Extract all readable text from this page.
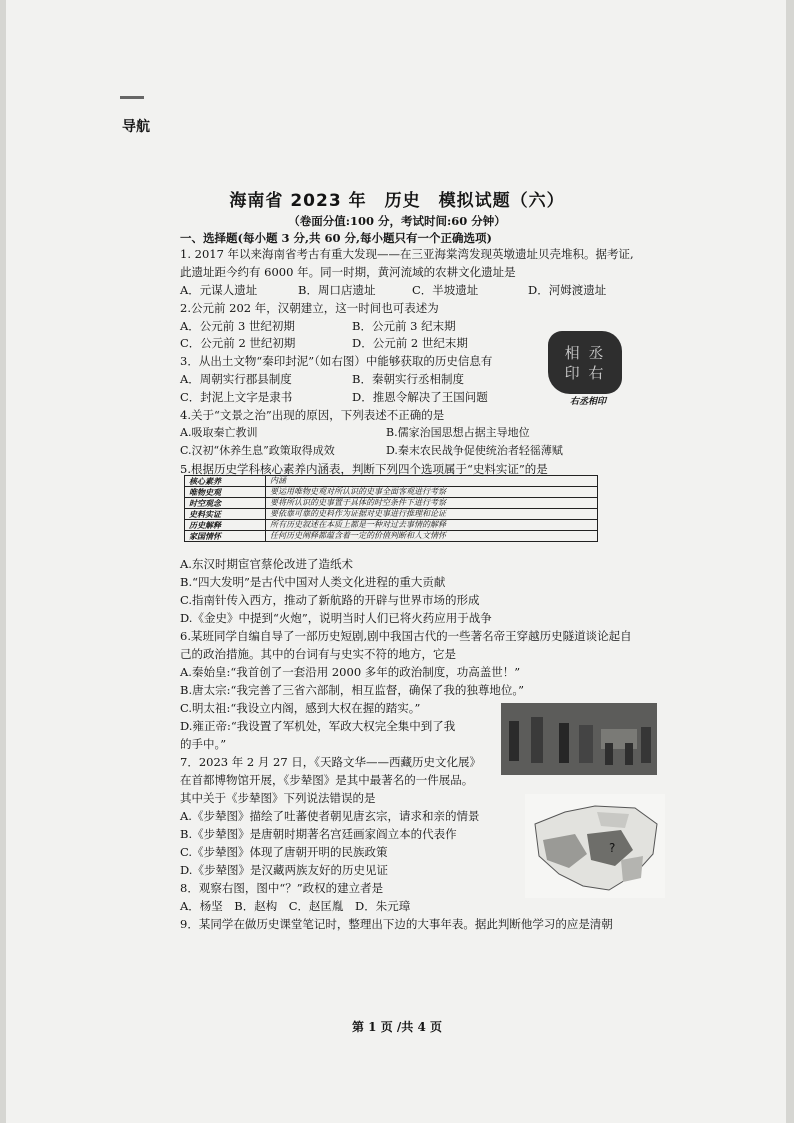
导航
海南省 2023 年　历史　模拟试题（六）
（卷面分值:100 分，考试时间:60 分钟）
一、选择题(每小题 3 分,共 60 分,每小题只有一个正确选项)
1. 2017 年以来海南省考古有重大发现——在三亚海棠湾发现英墩遗址贝壳堆积。据考证,
此遗址距今约有 6000 年。同一时期，黄河流域的农耕文化遗址是
A．元谋人遗址	B．周口店遗址	C．半坡遗址	D．河姆渡遗址
2.公元前 202 年，汉朝建立，这一时间也可表述为
A．公元前 3 世纪初期	B．公元前 3 纪末期
C．公元前 2 世纪初期	D．公元前 2 世纪末期
3．从出土文物“秦印封泥”（如右图）中能够获取的历史信息有
A．周朝实行郡县制度	B．秦朝实行丞相制度
C．封泥上文字是隶书	D．推恩令解决了王国问题
相 丞 印 右
右丞相印
4.关于“文景之治”出现的原因，下列表述不正确的是
A.吸取秦亡教训	B.儒家治国思想占据主导地位
C.汉初“休养生息”政策取得成效	D.秦末农民战争促使统治者轻徭薄赋
5.根据历史学科核心素养内涵表，判断下列四个选项属于“史料实证”的是
核心素养	内涵
唯物史观	要运用唯物史观对所认识的史事全面客观进行考察
时空观念	要将所认识的史事置于具体的时空条件下进行考察
史料实证	要依靠可靠的史料作为证据对史事进行推理和论证
历史解释	所有历史叙述在本质上都是一种对过去事情的解释
家国情怀	任何历史阐释都蕴含着一定的价值判断和人文情怀
A.东汉时期宦官蔡伦改进了造纸术
B.“四大发明”是古代中国对人类文化进程的重大贡献
C.指南针传入西方，推动了新航路的开辟与世界市场的形成
D.《金史》中提到“火炮”，说明当时人们已将火药应用于战争
6.某班同学自编自导了一部历史短剧,剧中我国古代的一些著名帝王穿越历史隧道谈论起自
己的政治措施。其中的台词有与史实不符的地方，它是
A.秦始皇:“我首创了一套沿用 2000 多年的政治制度，功高盖世！”
B.唐太宗:“我完善了三省六部制，相互监督，确保了我的独尊地位。”
C.明太祖:“我设立内阁，感到大权在握的踏实。”
D.雍正帝:“我设置了军机处，军政大权完全集中到了我
的手中。”
7．2023 年 2 月 27 日，《天路文华——西藏历史文化展》
在首都博物馆开展，《步辇图》是其中最著名的一件展品。
其中关于《步辇图》下列说法错误的是
A.《步辇图》描绘了吐蕃使者朝见唐玄宗，请求和亲的情景
B.《步辇图》是唐朝时期著名宫廷画家阎立本的代表作
C.《步辇图》体现了唐朝开明的民族政策
D.《步辇图》是汉藏两族友好的历史见证
?
8．观察右图，图中“？”政权的建立者是
A．杨坚　B．赵构　C．赵匡胤　D．朱元璋
9．某同学在做历史课堂笔记时，整理出下边的大事年表。据此判断他学习的应是清朝
第 1 页 /共 4 页
